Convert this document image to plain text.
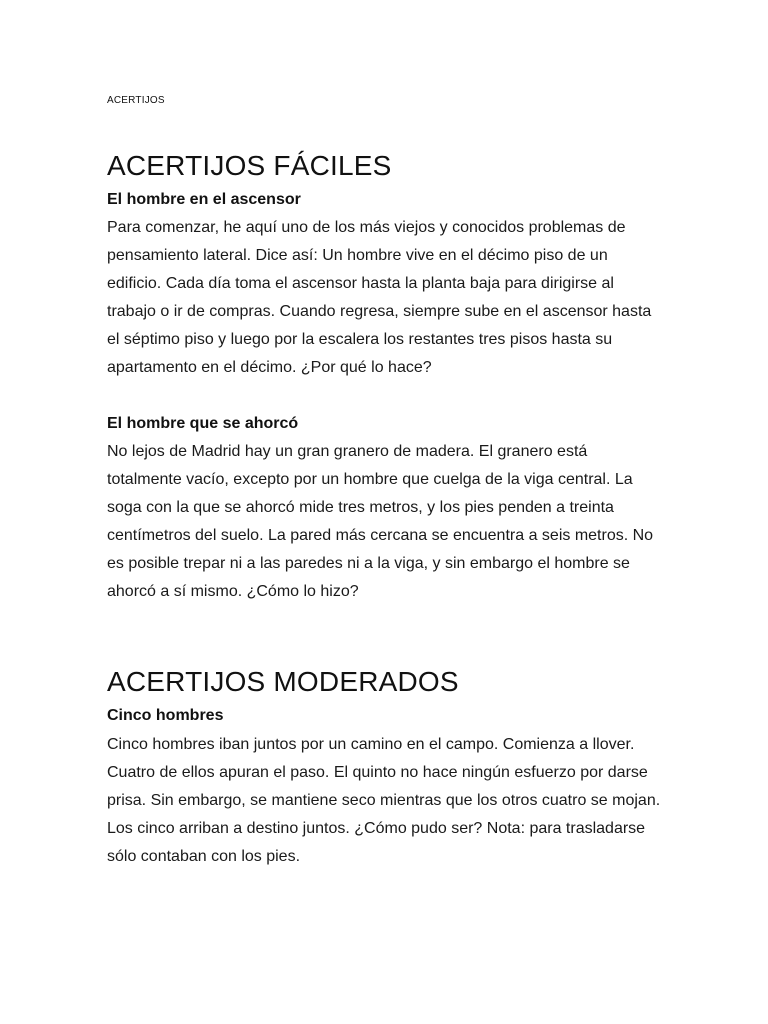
ACERTIJOS
ACERTIJOS FÁCILES
El hombre en el ascensor

Para comenzar, he aquí uno de los más viejos y conocidos problemas de pensamiento lateral. Dice así: Un hombre vive en el décimo piso de un edificio. Cada día toma el ascensor hasta la planta baja para dirigirse al trabajo o ir de compras. Cuando regresa, siempre sube en el ascensor hasta el séptimo piso y luego por la escalera los restantes tres pisos hasta su apartamento en el décimo. ¿Por qué lo hace?

El hombre que se ahorcó

No lejos de Madrid hay un gran granero de madera. El granero está totalmente vacío, excepto por un hombre que cuelga de la viga central. La soga con la que se ahorcó mide tres metros, y los pies penden a treinta centímetros del suelo. La pared más cercana se encuentra a seis metros. No es posible trepar ni a las paredes ni a la viga, y sin embargo el hombre se ahorcó a sí mismo. ¿Cómo lo hizo?

ACERTIJOS MODERADOS
Cinco hombres

Cinco hombres iban juntos por un camino en el campo. Comienza a llover. Cuatro de ellos apuran el paso. El quinto no hace ningún esfuerzo por darse prisa. Sin embargo, se mantiene seco mientras que los otros cuatro se mojan. Los cinco arriban a destino juntos. ¿Cómo pudo ser? Nota: para trasladarse sólo contaban con los pies.
